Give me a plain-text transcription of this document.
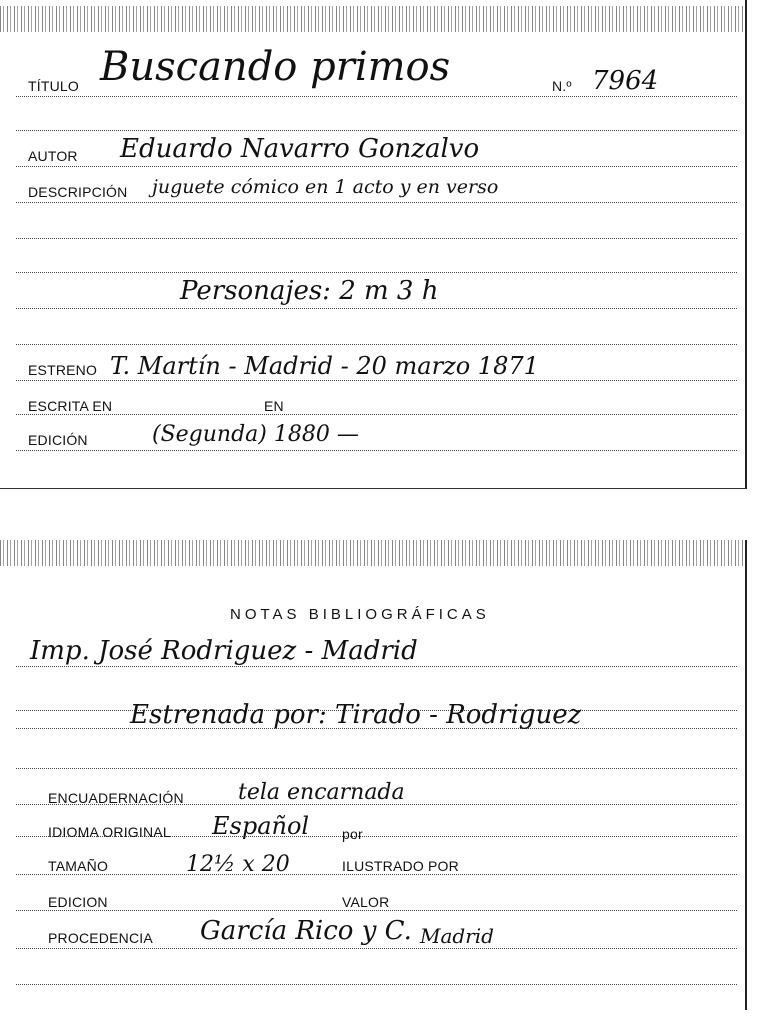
TÍTULO Buscando primos	N.º 7964
AUTOR Eduardo Navarro Gonzalvo
DESCRIPCIÓN juguete cómico en 1 acto y en verso
Personajes: 2 m 3 h
ESTRENO T. Martín - Madrid - 20 marzo 1871
ESCRITA EN	EN
EDICIÓN	(Segunda) 1880 —
NOTAS BIBLIOGRÁFICAS
Imp. José Rodriguez - Madrid
Estrenada por: Tirado - Rodriguez
ENCUADERNACIÓN tela encarnada
IDIOMA ORIGINAL Español por
TAMAÑO	12½ x 20	ILUSTRADO POR
EDICION	VALOR
PROCEDENCIA García Rico y C. Madrid
